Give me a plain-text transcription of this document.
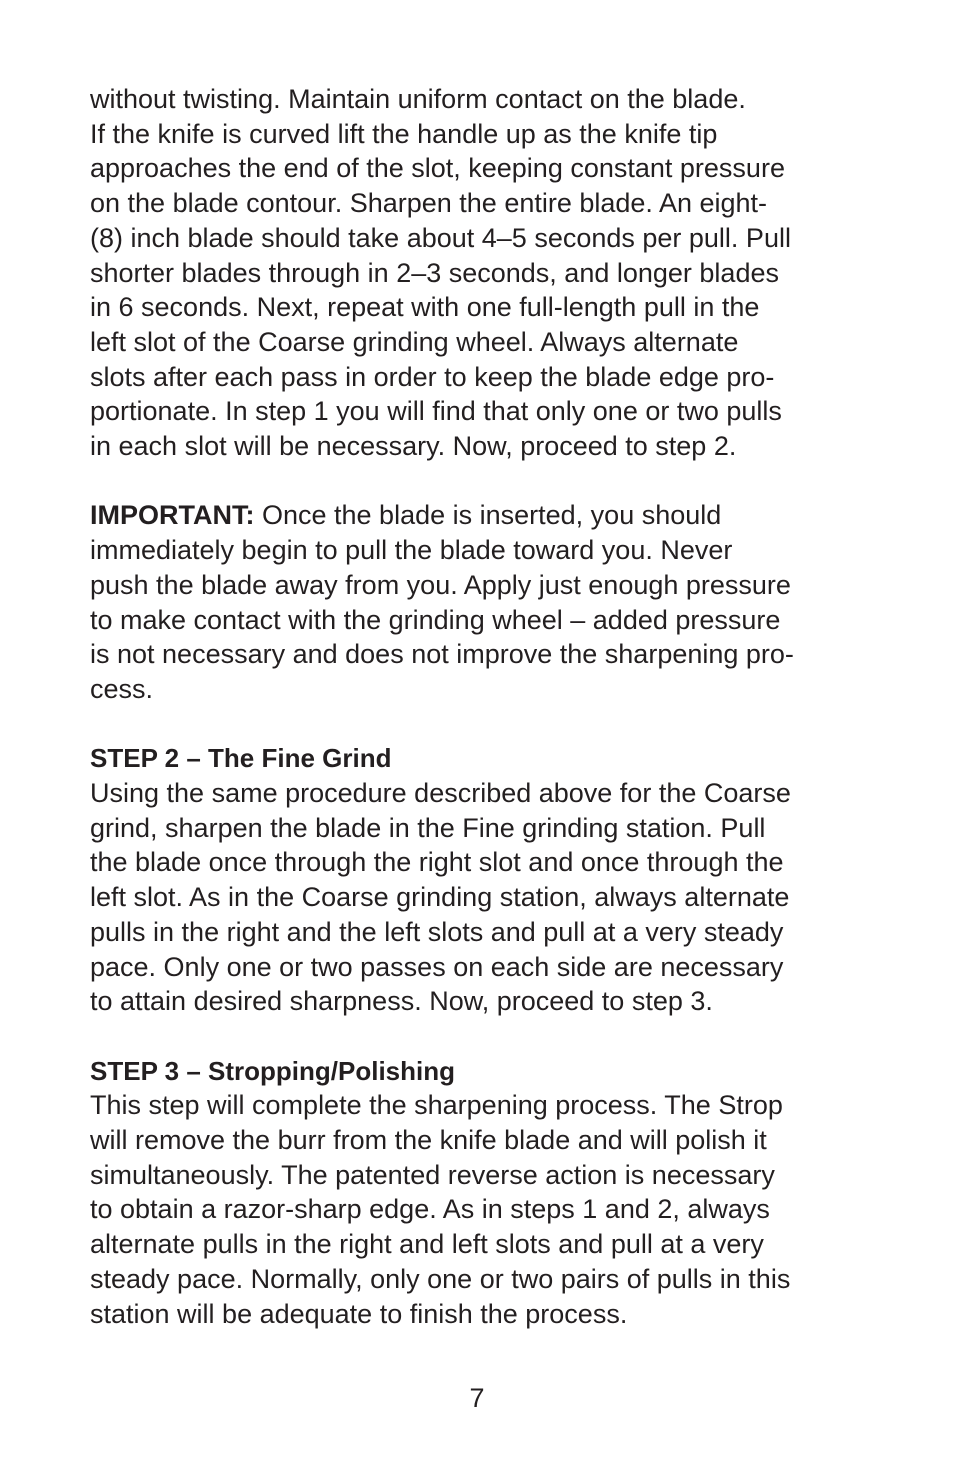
without twisting. Maintain uniform contact on the blade.
If the knife is curved lift the handle up as the knife tip
approaches the end of the slot, keeping constant pressure
on the blade contour. Sharpen the entire blade. An eight-
(8) inch blade should take about 4–5 seconds per pull. Pull
shorter blades through in 2–3 seconds, and longer blades
in 6 seconds. Next, repeat with one full-length pull in the
left slot of the Coarse grinding wheel. Always alternate
slots after each pass in order to keep the blade edge pro-
portionate. In step 1 you will find that only one or two pulls
in each slot will be necessary. Now, proceed to step 2.
IMPORTANT: Once the blade is inserted, you should
immediately begin to pull the blade toward you. Never
push the blade away from you. Apply just enough pressure
to make contact with the grinding wheel – added pressure
is not necessary and does not improve the sharpening pro-
cess.
STEP 2 – The Fine Grind
Using the same procedure described above for the Coarse
grind, sharpen the blade in the Fine grinding station. Pull
the blade once through the right slot and once through the
left slot. As in the Coarse grinding station, always alternate
pulls in the right and the left slots and pull at a very steady
pace. Only one or two passes on each side are necessary
to attain desired sharpness. Now, proceed to step 3.
STEP 3 – Stropping/Polishing
This step will complete the sharpening process. The Strop
will remove the burr from the knife blade and will polish it
simultaneously. The patented reverse action is necessary
to obtain a razor-sharp edge. As in steps 1 and 2, always
alternate pulls in the right and left slots and pull at a very
steady pace. Normally, only one or two pairs of pulls in this
station will be adequate to finish the process.
7
